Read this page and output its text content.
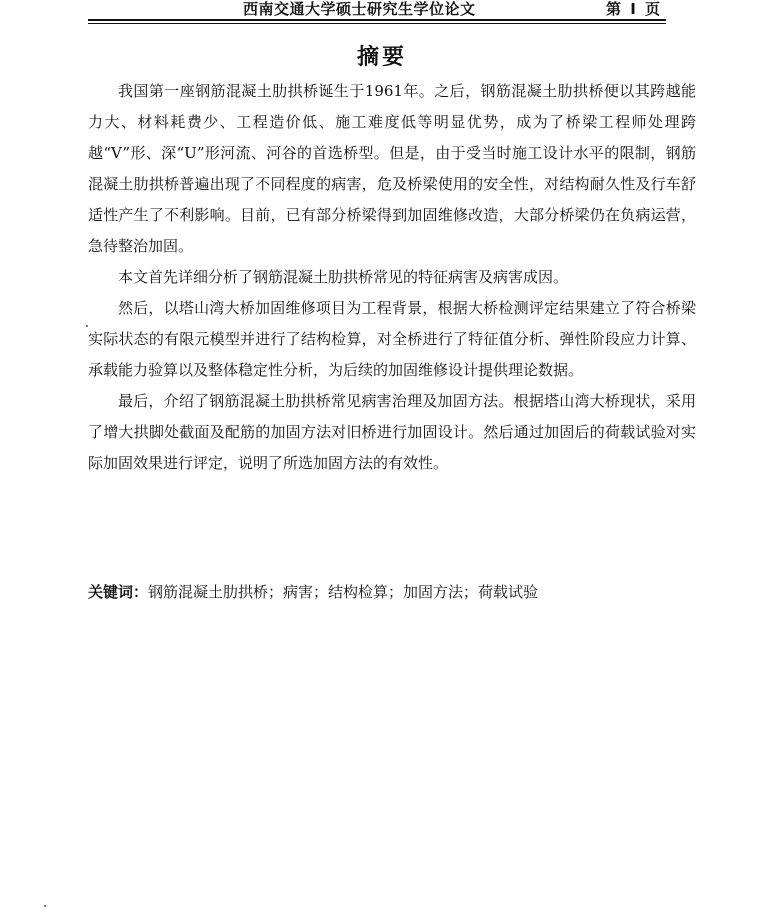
西南交通大学硕士研究生学位论文	第 I 页
摘要

我国第一座钢筋混凝土肋拱桥诞生于1961年。之后，钢筋混凝土肋拱桥便以其跨越能力大、材料耗费少、工程造价低、施工难度低等明显优势，成为了桥梁工程师处理跨越“V”形、深“U”形河流、河谷的首选桥型。但是，由于受当时施工设计水平的限制，钢筋混凝土肋拱桥普遍出现了不同程度的病害，危及桥梁使用的安全性，对结构耐久性及行车舒适性产生了不利影响。目前，已有部分桥梁得到加固维修改造，大部分桥梁仍在负病运营，急待整治加固。

本文首先详细分析了钢筋混凝土肋拱桥常见的特征病害及病害成因。

然后，以塔山湾大桥加固维修项目为工程背景，根据大桥检测评定结果建立了符合桥梁实际状态的有限元模型并进行了结构检算，对全桥进行了特征值分析、弹性阶段应力计算、承载能力验算以及整体稳定性分析，为后续的加固维修设计提供理论数据。

最后，介绍了钢筋混凝土肋拱桥常见病害治理及加固方法。根据塔山湾大桥现状，采用了增大拱脚处截面及配筋的加固方法对旧桥进行加固设计。然后通过加固后的荷载试验对实际加固效果进行评定，说明了所选加固方法的有效性。

关键词：钢筋混凝土肋拱桥；病害；结构检算；加固方法；荷载试验
